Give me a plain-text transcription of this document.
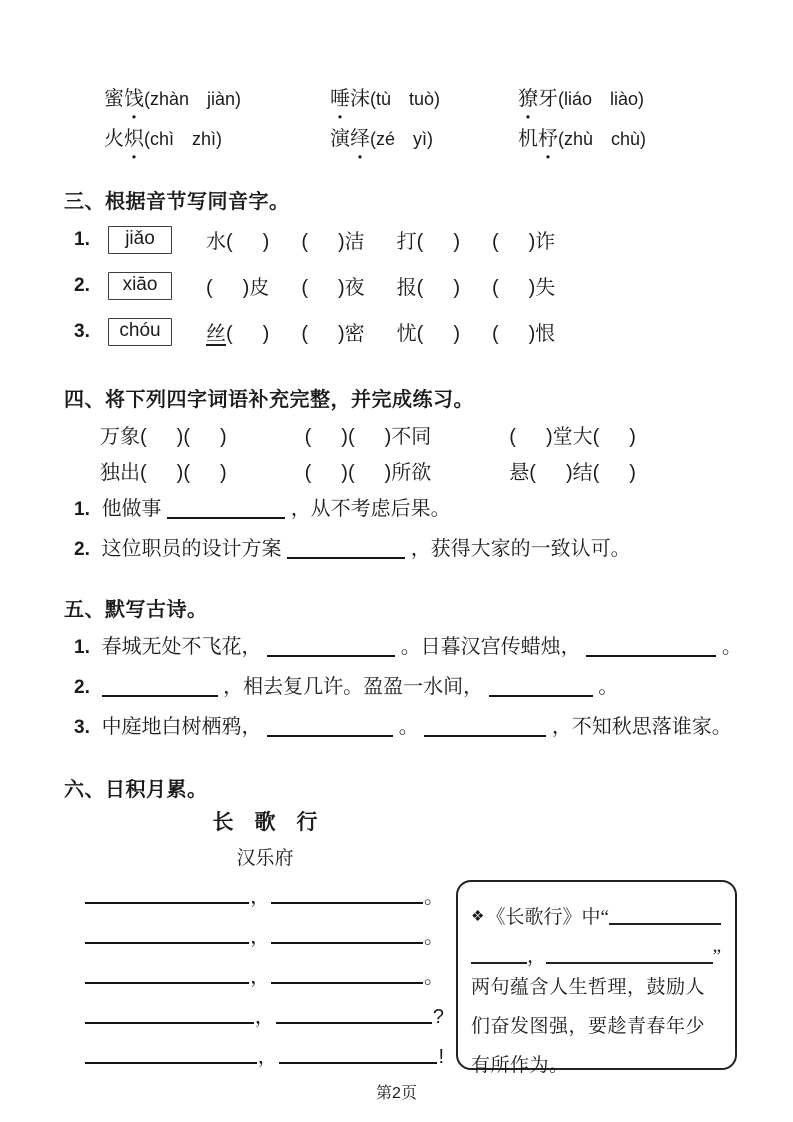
蜜饯(zhàn jiàn)	唾沫(tù tuò)	獠牙(liáo liào)
火炽(chì zhì)	演绎(zé yì)	机杼(zhù chù)
三、根据音节写同音字。
1.	jiǎo	水(　 ) (　 )洁 打(　 ) (　 )诈
2.	xiāo	(　 )皮 (　 )夜 报(　 ) (　 )失
3.	chóu	丝(　 ) (　 )密 忧(　 ) (　 )恨
四、将下列四字词语补充完整，并完成练习。
万象(　 )(　 )	(　 )(　 )不同	(　 )堂大(　 )
独出(　 )(　 )	(　 )(　 )所欲	悬(　 )结(　 )
1. 他做事	，从不考虑后果。
2. 这位职员的设计方案	，获得大家的一致认可。
五、默写古诗。
1. 春城无处不飞花，	。日暮汉宫传蜡烛，	。
2.	，相去复几许。盈盈一水间，	。
3. 中庭地白树栖鸦，	。	，不知秋思落谁家。
六、日积月累。
长　歌　行
汉乐府
，	。
，	。
，	。
，	?
，	!
❖ 《长歌行》中“
，	”

两句蕴含人生哲理，鼓励人们奋发图强，要趁青春年少有所作为。

第2页
